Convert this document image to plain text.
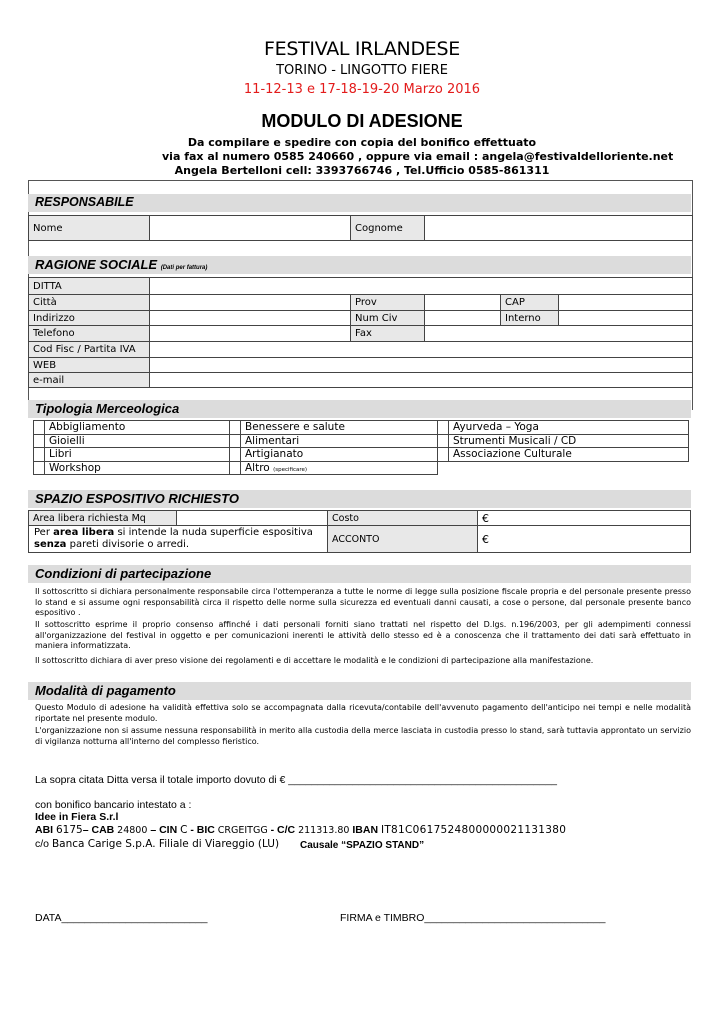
FESTIVAL IRLANDESE
TORINO - LINGOTTO FIERE
11-12-13 e 17-18-19-20 Marzo 2016
MODULO DI ADESIONE
Da compilare e spedire con copia del bonifico effettuato
via fax al numero 0585 240660 , oppure via email : angela@festivaldelloriente.net
Angela Bertelloni cell: 3393766746 , Tel.Ufficio 0585-861311
RESPONSABILE
Nome		Cognome	
RAGIONE SOCIALE (Dati per fattura)
DITTA					
Città		Prov		CAP	
Indirizzo		Num Civ		Interno	
Telefono		Fax			
Cod Fisc / Partita IVA					
WEB					
e-mail					
Tipologia Merceologica
	Abbigliamento		Benessere e salute		Ayurveda – Yoga
	Gioielli		Alimentari		Strumenti Musicali / CD
	Libri		Artigianato		Associazione Culturale
	Workshop		Altro (specificare)		
SPAZIO ESPOSITIVO RICHIESTO
Area libera richiesta Mq		Costo	€
Per area libera si intende la nuda superficie espositiva
senza pareti divisorie o arredi.		ACCONTO	€
Condizioni di partecipazione
Il sottoscritto si dichiara personalmente responsabile circa l'ottemperanza a tutte le norme di legge sulla posizione fiscale propria e del personale presente presso lo stand e si assume ogni responsabilità circa il rispetto delle norme sulla sicurezza ed eventuali danni causati, a cose o persone, dal personale presente banco espositivo .
Il sottoscritto esprime il proprio consenso affinché i dati personali forniti siano trattati nel rispetto del D.lgs. n.196/2003, per gli adempimenti connessi all'organizzazione del festival in oggetto e per comunicazioni inerenti le attività dello stesso ed è a conoscenza che il trattamento dei dati sarà effettuato in maniera informatizzata.
Il sottoscritto dichiara di aver preso visione dei regolamenti e di accettare le modalità e le condizioni di partecipazione alla manifestazione.
Modalità di pagamento
Questo Modulo di adesione ha validità effettiva solo se accompagnata dalla ricevuta/contabile dell'avvenuto pagamento dell'anticipo nei tempi e nelle modalità riportate nel presente modulo.
L'organizzazione non si assume nessuna responsabilità in merito alla custodia della merce lasciata in custodia presso lo stand, sarà tuttavia approntato un servizio di vigilanza notturna all'interno del complesso fieristico.
La sopra citata Ditta versa il totale importo dovuto di € ______________________________________________
con bonifico bancario intestato a :
Idee in Fiera S.r.l
ABI 6175– CAB 24800 – CIN C - BIC CRGEITGG - C/C 211313.80 IBAN IT81C0617524800000021131380
c/o Banca Carige S.p.A. Filiale di Viareggio (LU) Causale “SPAZIO STAND”
DATA_________________________	FIRMA e TIMBRO_______________________________
